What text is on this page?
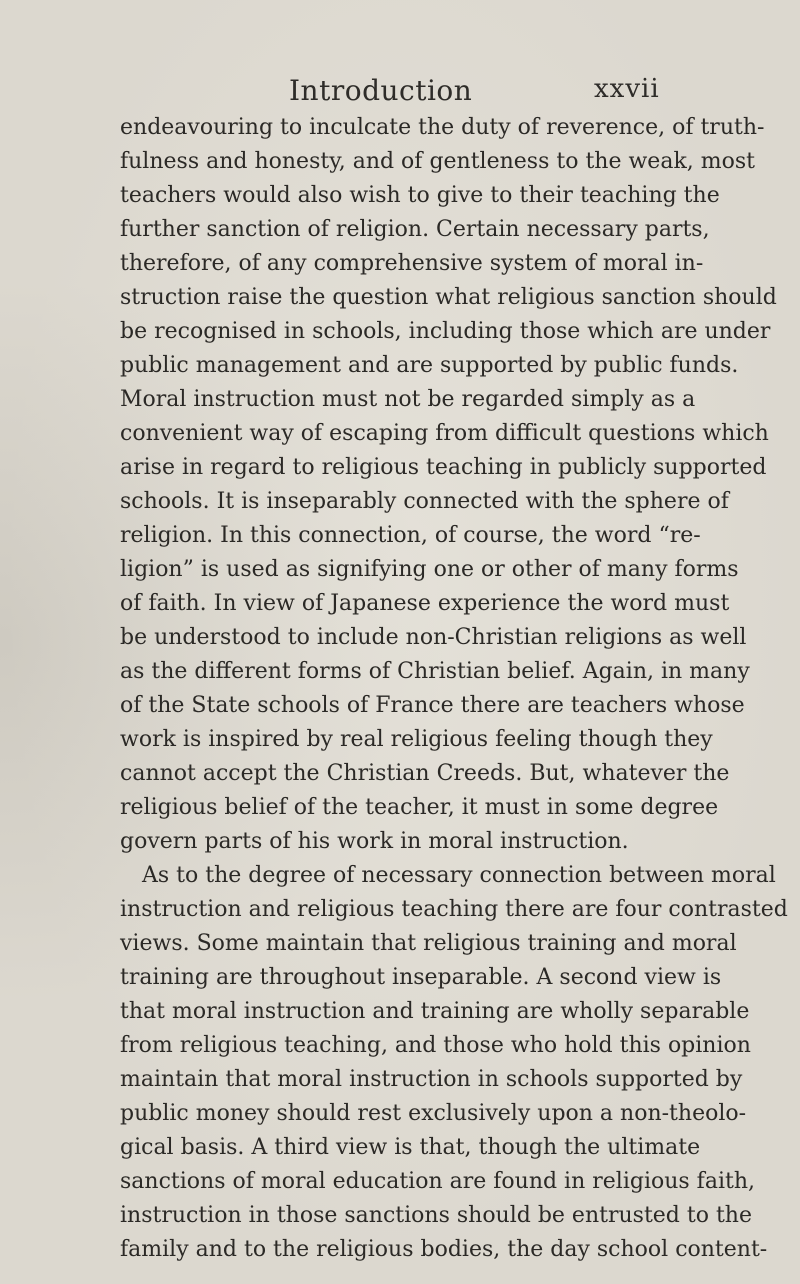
Introduction	xxvii
endeavouring to inculcate the duty of reverence, of truth-
fulness and honesty, and of gentleness to the weak, most
teachers would also wish to give to their teaching the
further sanction of religion. Certain necessary parts,
therefore, of any comprehensive system of moral in-
struction raise the question what religious sanction should
be recognised in schools, including those which are under
public management and are supported by public funds.
Moral instruction must not be regarded simply as a
convenient way of escaping from difficult questions which
arise in regard to religious teaching in publicly supported
schools. It is inseparably connected with the sphere of
religion. In this connection, of course, the word “re-
ligion” is used as signifying one or other of many forms
of faith. In view of Japanese experience the word must
be understood to include non-Christian religions as well
as the different forms of Christian belief. Again, in many
of the State schools of France there are teachers whose
work is inspired by real religious feeling though they
cannot accept the Christian Creeds. But, whatever the
religious belief of the teacher, it must in some degree
govern parts of his work in moral instruction.
As to the degree of necessary connection between moral
instruction and religious teaching there are four contrasted
views. Some maintain that religious training and moral
training are throughout inseparable. A second view is
that moral instruction and training are wholly separable
from religious teaching, and those who hold this opinion
maintain that moral instruction in schools supported by
public money should rest exclusively upon a non-theolo-
gical basis. A third view is that, though the ultimate
sanctions of moral education are found in religious faith,
instruction in those sanctions should be entrusted to the
family and to the religious bodies, the day school content-
